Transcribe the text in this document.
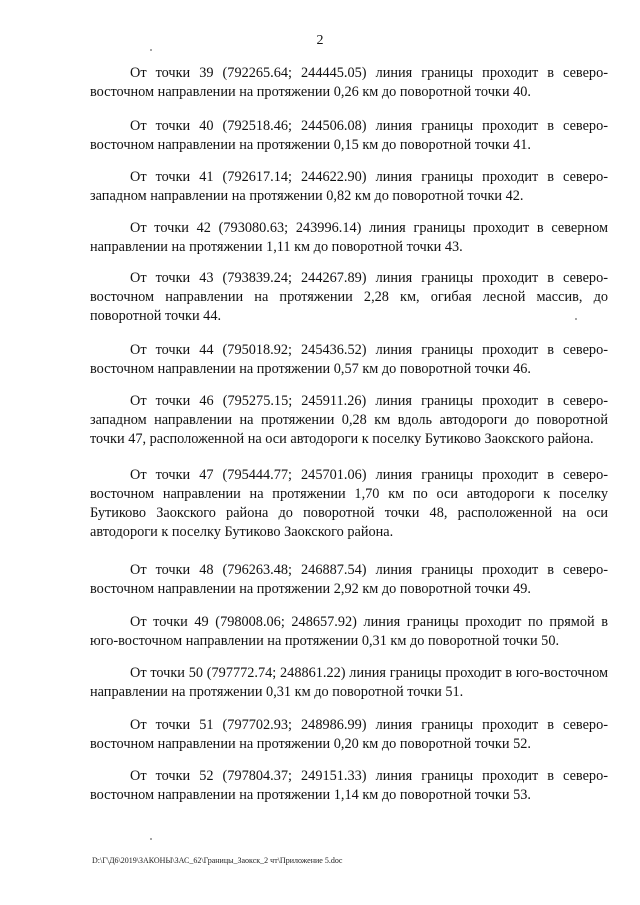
2

От точки 39 (792265.64; 244445.05) линия границы проходит в северо-восточном направлении на протяжении 0,26 км до поворотной точки 40.

От точки 40 (792518.46; 244506.08) линия границы проходит в северо-восточном направлении на протяжении 0,15 км до поворотной точки 41.

От точки 41 (792617.14; 244622.90) линия границы проходит в северо-западном направлении на протяжении 0,82 км до поворотной точки 42.

От точки 42 (793080.63; 243996.14) линия границы проходит в северном направлении на протяжении 1,11 км до поворотной точки 43.

От точки 43 (793839.24; 244267.89) линия границы проходит в северо-восточном направлении на протяжении 2,28 км, огибая лесной массив, до поворотной точки 44.

От точки 44 (795018.92; 245436.52) линия границы проходит в северо-восточном направлении на протяжении 0,57 км до поворотной точки 46.

От точки 46 (795275.15; 245911.26) линия границы проходит в северо-западном направлении на протяжении 0,28 км вдоль автодороги до поворотной точки 47, расположенной на оси автодороги к поселку Бутиково Заокского района.

От точки 47 (795444.77; 245701.06) линия границы проходит в северо-восточном направлении на протяжении 1,70 км по оси автодороги к поселку Бутиково Заокского района до поворотной точки 48, расположенной на оси автодороги к поселку Бутиково Заокского района.

От точки 48 (796263.48; 246887.54) линия границы проходит в северо-восточном направлении на протяжении 2,92 км до поворотной точки 49.

От точки 49 (798008.06; 248657.92) линия границы проходит по прямой в юго-восточном направлении на протяжении 0,31 км до поворотной точки 50.

От точки 50 (797772.74; 248861.22) линия границы проходит в юго-восточном направлении на протяжении 0,31 км до поворотной точки 51.

От точки 51 (797702.93; 248986.99) линия границы проходит в северо-восточном направлении на протяжении 0,20 км до поворотной точки 52.

От точки 52 (797804.37; 249151.33) линия границы проходит в северо-восточном направлении на протяжении 1,14 км до поворотной точки 53.

D:\Г\Д6\2019\ЗАКОНЫ\ЗАС_62\Границы_Заокск_2 чт\Приложение 5.doc
